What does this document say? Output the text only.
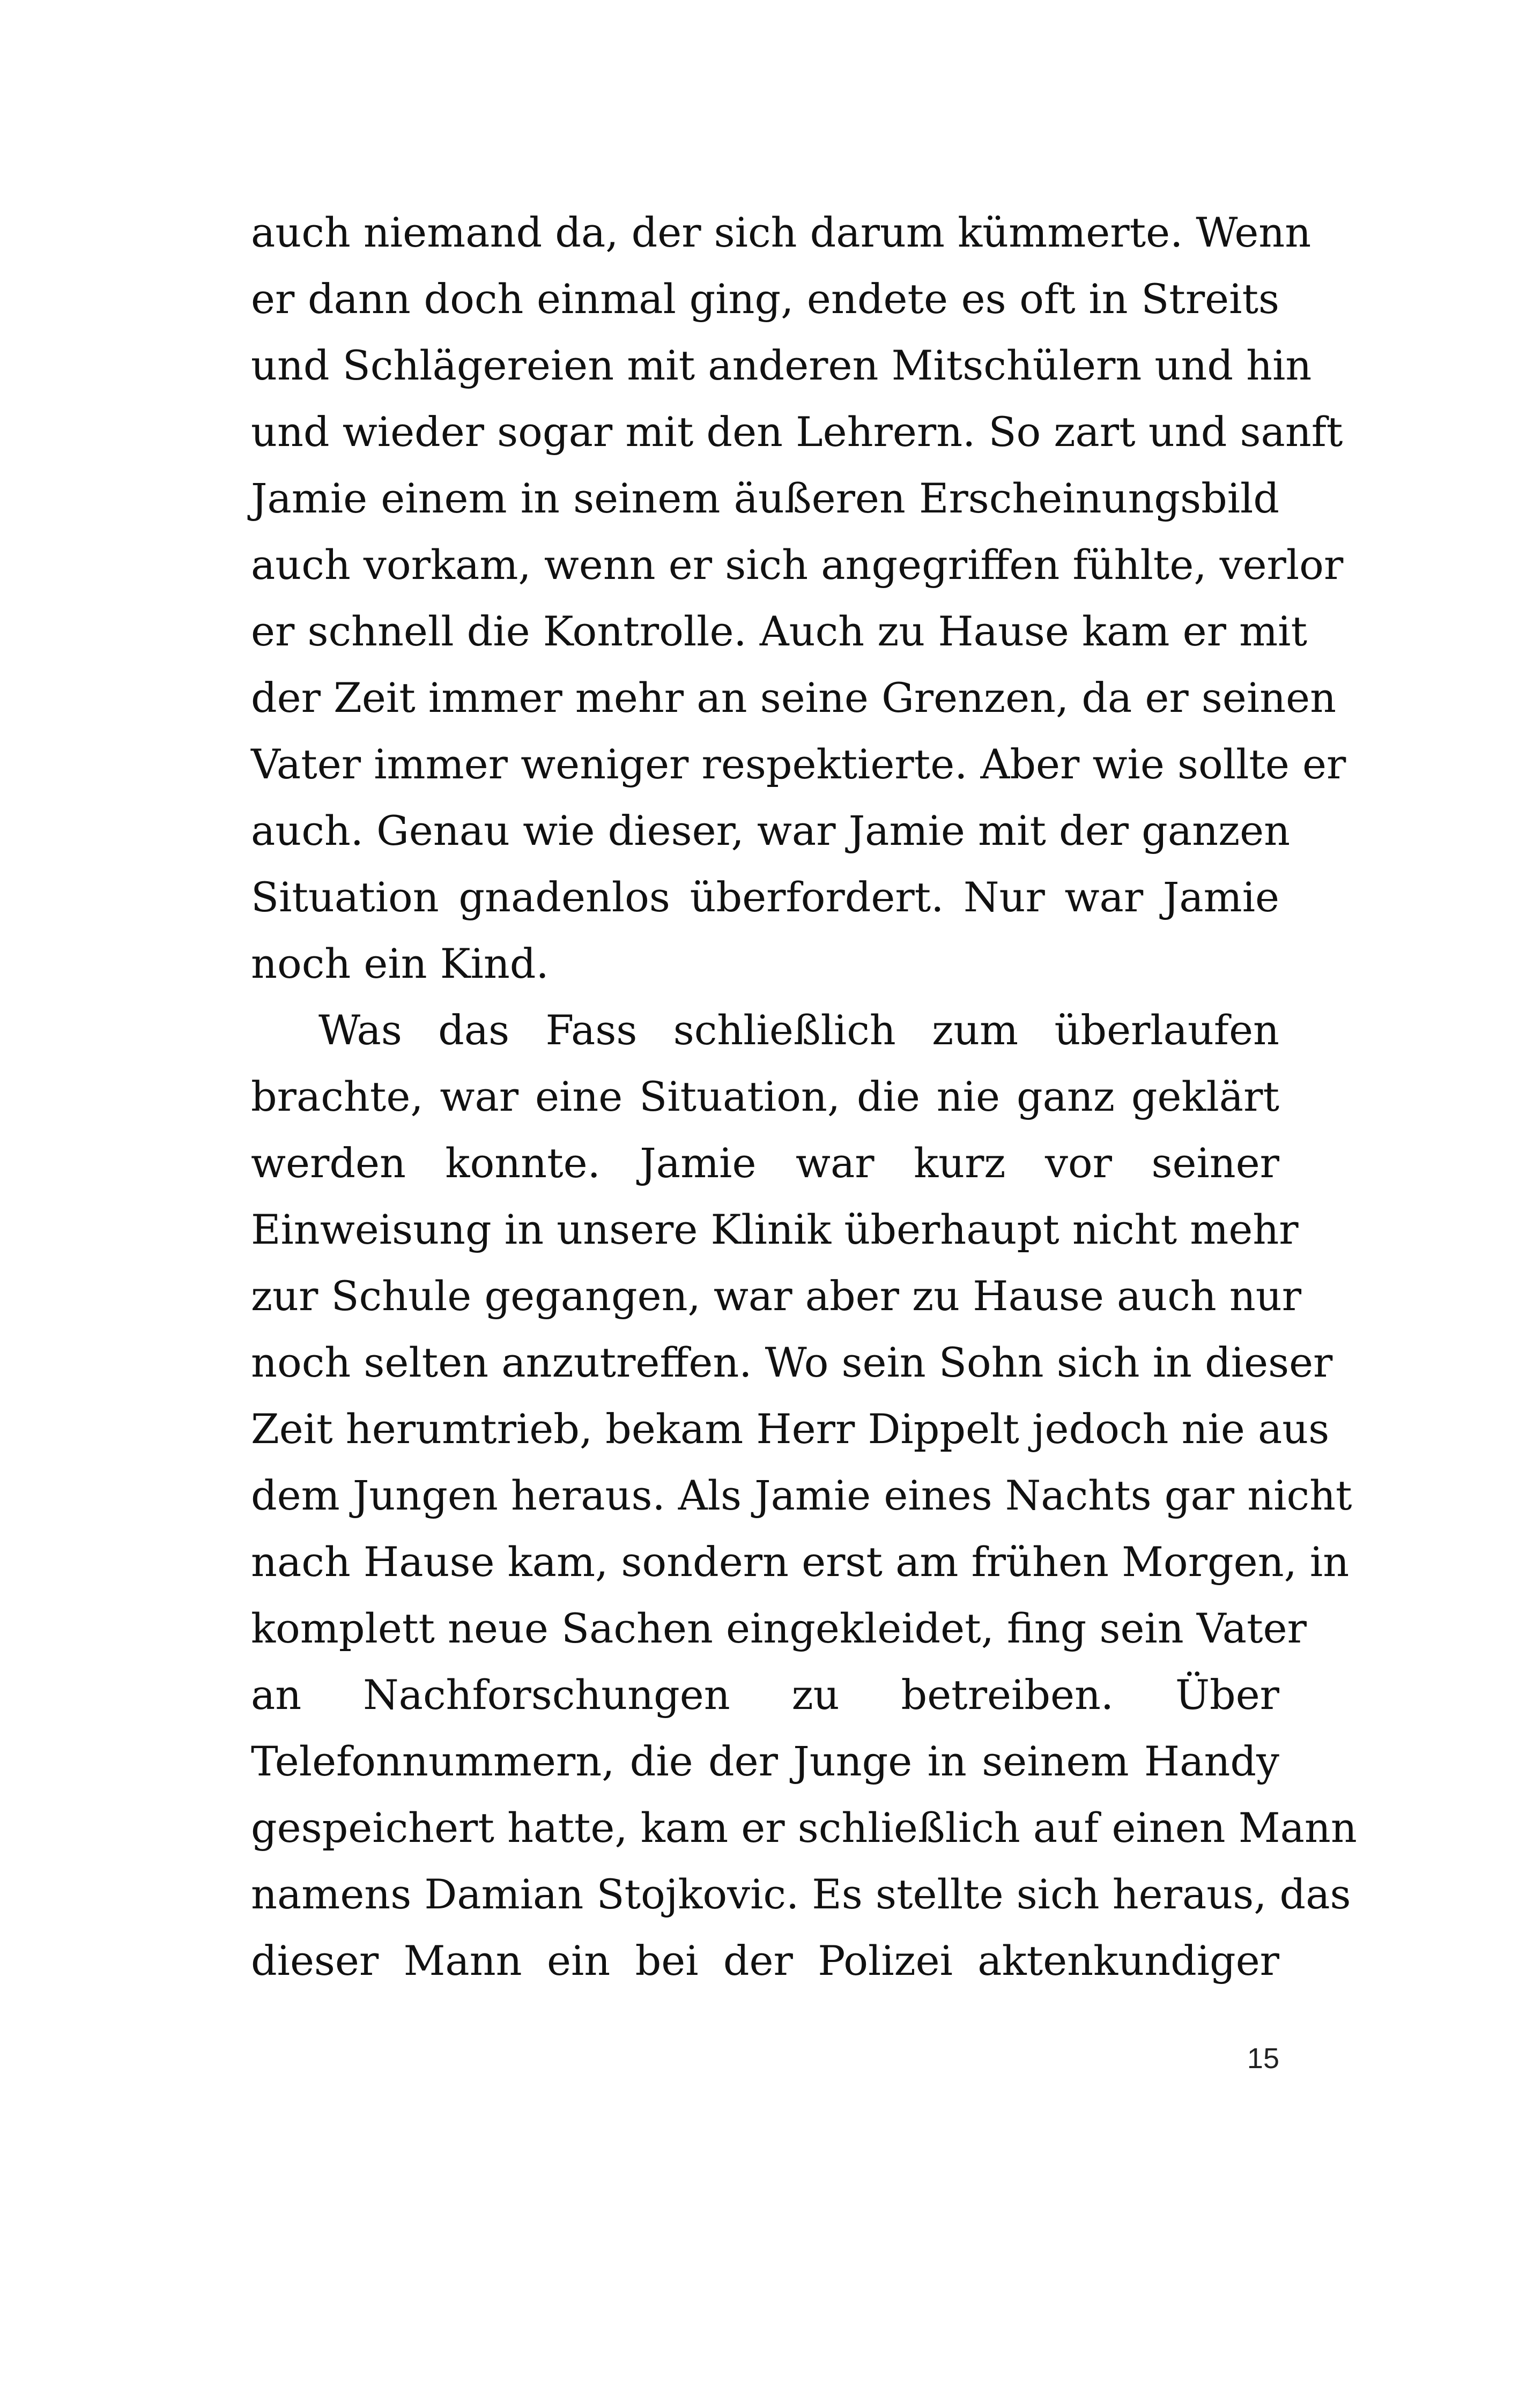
auch niemand da, der sich darum kümmerte. Wenn
er dann doch einmal ging, endete es oft in Streits
und Schlägereien mit anderen Mitschülern und hin
und wieder sogar mit den Lehrern. So zart und sanft
Jamie einem in seinem äußeren Erscheinungsbild
auch vorkam, wenn er sich angegriffen fühlte, verlor
er schnell die Kontrolle. Auch zu Hause kam er mit
der Zeit immer mehr an seine Grenzen, da er seinen
Vater immer weniger respektierte. Aber wie sollte er
auch. Genau wie dieser, war Jamie mit der ganzen
Situation gnadenlos überfordert. Nur war Jamie
noch ein Kind.
Was das Fass schließlich zum überlaufen
brachte, war eine Situation, die nie ganz geklärt
werden konnte. Jamie war kurz vor seiner
Einweisung in unsere Klinik überhaupt nicht mehr
zur Schule gegangen, war aber zu Hause auch nur
noch selten anzutreffen. Wo sein Sohn sich in dieser
Zeit herumtrieb, bekam Herr Dippelt jedoch nie aus
dem Jungen heraus. Als Jamie eines Nachts gar nicht
nach Hause kam, sondern erst am frühen Morgen, in
komplett neue Sachen eingekleidet, fing sein Vater
an Nachforschungen zu betreiben. Über
Telefonnummern, die der Junge in seinem Handy
gespeichert hatte, kam er schließlich auf einen Mann
namens Damian Stojkovic. Es stellte sich heraus, das
dieser Mann ein bei der Polizei aktenkundiger
15
